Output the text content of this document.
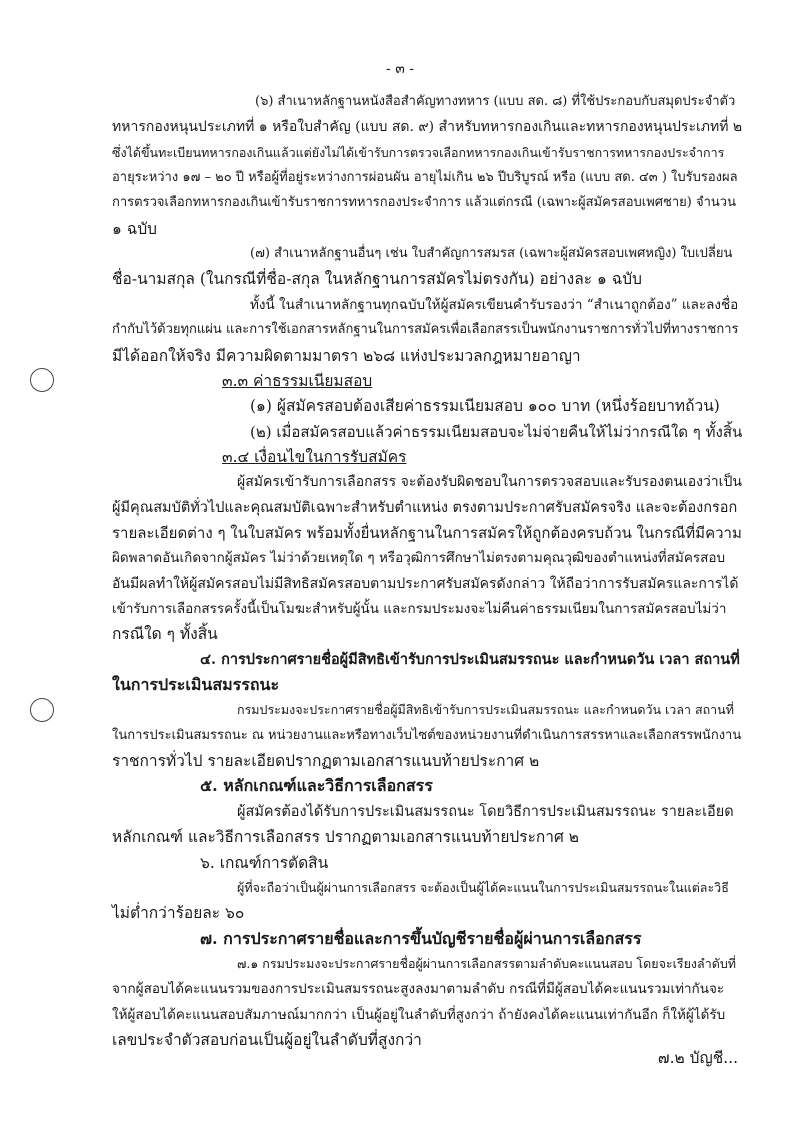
- ๓ -
(๖) สำเนาหลักฐานหนังสือสำคัญทางทหาร (แบบ สด. ๘) ที่ใช้ประกอบกับสมุดประจำตัว
ทหารกองหนุนประเภทที่ ๑ หรือใบสำคัญ (แบบ สด. ๙) สำหรับทหารกองเกินและทหารกองหนุนประเภทที่ ๒
ซึ่งได้ขึ้นทะเบียนทหารกองเกินแล้วแต่ยังไม่ได้เข้ารับการตรวจเลือกทหารกองเกินเข้ารับราชการทหารกองประจำการ
อายุระหว่าง ๑๗ – ๒๐ ปี หรือผู้ที่อยู่ระหว่างการผ่อนผัน อายุไม่เกิน ๒๖ ปีบริบูรณ์ หรือ (แบบ สด. ๔๓ ) ใบรับรองผล
การตรวจเลือกทหารกองเกินเข้ารับราชการทหารกองประจำการ แล้วแต่กรณี (เฉพาะผู้สมัครสอบเพศชาย) จำนวน
๑ ฉบับ
(๗) สำเนาหลักฐานอื่นๆ เช่น ใบสำคัญการสมรส (เฉพาะผู้สมัครสอบเพศหญิง) ใบเปลี่ยน
ชื่อ-นามสกุล (ในกรณีที่ชื่อ-สกุล ในหลักฐานการสมัครไม่ตรงกัน) อย่างละ ๑ ฉบับ
ทั้งนี้ ในสำเนาหลักฐานทุกฉบับให้ผู้สมัครเขียนคำรับรองว่า “สำเนาถูกต้อง” และลงชื่อ
กำกับไว้ด้วยทุกแผ่น และการใช้เอกสารหลักฐานในการสมัครเพื่อเลือกสรรเป็นพนักงานราชการทั่วไปที่ทางราชการ
มีได้ออกให้จริง มีความผิดตามมาตรา ๒๖๘ แห่งประมวลกฎหมายอาญา
๓.๓ ค่าธรรมเนียมสอบ
(๑) ผู้สมัครสอบต้องเสียค่าธรรมเนียมสอบ ๑๐๐ บาท (หนึ่งร้อยบาทถ้วน)
(๒) เมื่อสมัครสอบแล้วค่าธรรมเนียมสอบจะไม่จ่ายคืนให้ไม่ว่ากรณีใด ๆ ทั้งสิ้น
๓.๔ เงื่อนไขในการรับสมัคร
ผู้สมัครเข้ารับการเลือกสรร จะต้องรับผิดชอบในการตรวจสอบและรับรองตนเองว่าเป็น
ผู้มีคุณสมบัติทั่วไปและคุณสมบัติเฉพาะสำหรับตำแหน่ง ตรงตามประกาศรับสมัครจริง และจะต้องกรอก
รายละเอียดต่าง ๆ ในใบสมัคร พร้อมทั้งยื่นหลักฐานในการสมัครให้ถูกต้องครบถ้วน ในกรณีที่มีความ
ผิดพลาดอันเกิดจากผู้สมัคร ไม่ว่าด้วยเหตุใด ๆ หรือวุฒิการศึกษาไม่ตรงตามคุณวุฒิของตำแหน่งที่สมัครสอบ
อันมีผลทำให้ผู้สมัครสอบไม่มีสิทธิสมัครสอบตามประกาศรับสมัครดังกล่าว ให้ถือว่าการรับสมัครและการได้
เข้ารับการเลือกสรรครั้งนี้เป็นโมฆะสำหรับผู้นั้น และกรมประมงจะไม่คืนค่าธรรมเนียมในการสมัครสอบไม่ว่า
กรณีใด ๆ ทั้งสิ้น
๔. การประกาศรายชื่อผู้มีสิทธิเข้ารับการประเมินสมรรถนะ และกำหนดวัน เวลา สถานที่
ในการประเมินสมรรถนะ
กรมประมงจะประกาศรายชื่อผู้มีสิทธิเข้ารับการประเมินสมรรถนะ และกำหนดวัน เวลา สถานที่
ในการประเมินสมรรถนะ ณ หน่วยงานและหรือทางเว็บไซต์ของหน่วยงานที่ดำเนินการสรรหาและเลือกสรรพนักงาน
ราชการทั่วไป รายละเอียดปรากฏตามเอกสารแนบท้ายประกาศ ๒
๕. หลักเกณฑ์และวิธีการเลือกสรร
ผู้สมัครต้องได้รับการประเมินสมรรถนะ โดยวิธีการประเมินสมรรถนะ รายละเอียด
หลักเกณฑ์ และวิธีการเลือกสรร ปรากฏตามเอกสารแนบท้ายประกาศ ๒
๖. เกณฑ์การตัดสิน
ผู้ที่จะถือว่าเป็นผู้ผ่านการเลือกสรร จะต้องเป็นผู้ได้คะแนนในการประเมินสมรรถนะในแต่ละวิธี
ไม่ต่ำกว่าร้อยละ ๖๐
๗. การประกาศรายชื่อและการขึ้นบัญชีรายชื่อผู้ผ่านการเลือกสรร
๗.๑ กรมประมงจะประกาศรายชื่อผู้ผ่านการเลือกสรรตามลำดับคะแนนสอบ โดยจะเรียงลำดับที่
จากผู้สอบได้คะแนนรวมของการประเมินสมรรถนะสูงลงมาตามลำดับ กรณีที่มีผู้สอบได้คะแนนรวมเท่ากันจะ
ให้ผู้สอบได้คะแนนสอบสัมภาษณ์มากกว่า เป็นผู้อยู่ในลำดับที่สูงกว่า ถ้ายังคงได้คะแนนเท่ากันอีก ก็ให้ผู้ได้รับ
เลขประจำตัวสอบก่อนเป็นผู้อยู่ในลำดับที่สูงกว่า
๗.๒ บัญชี...
